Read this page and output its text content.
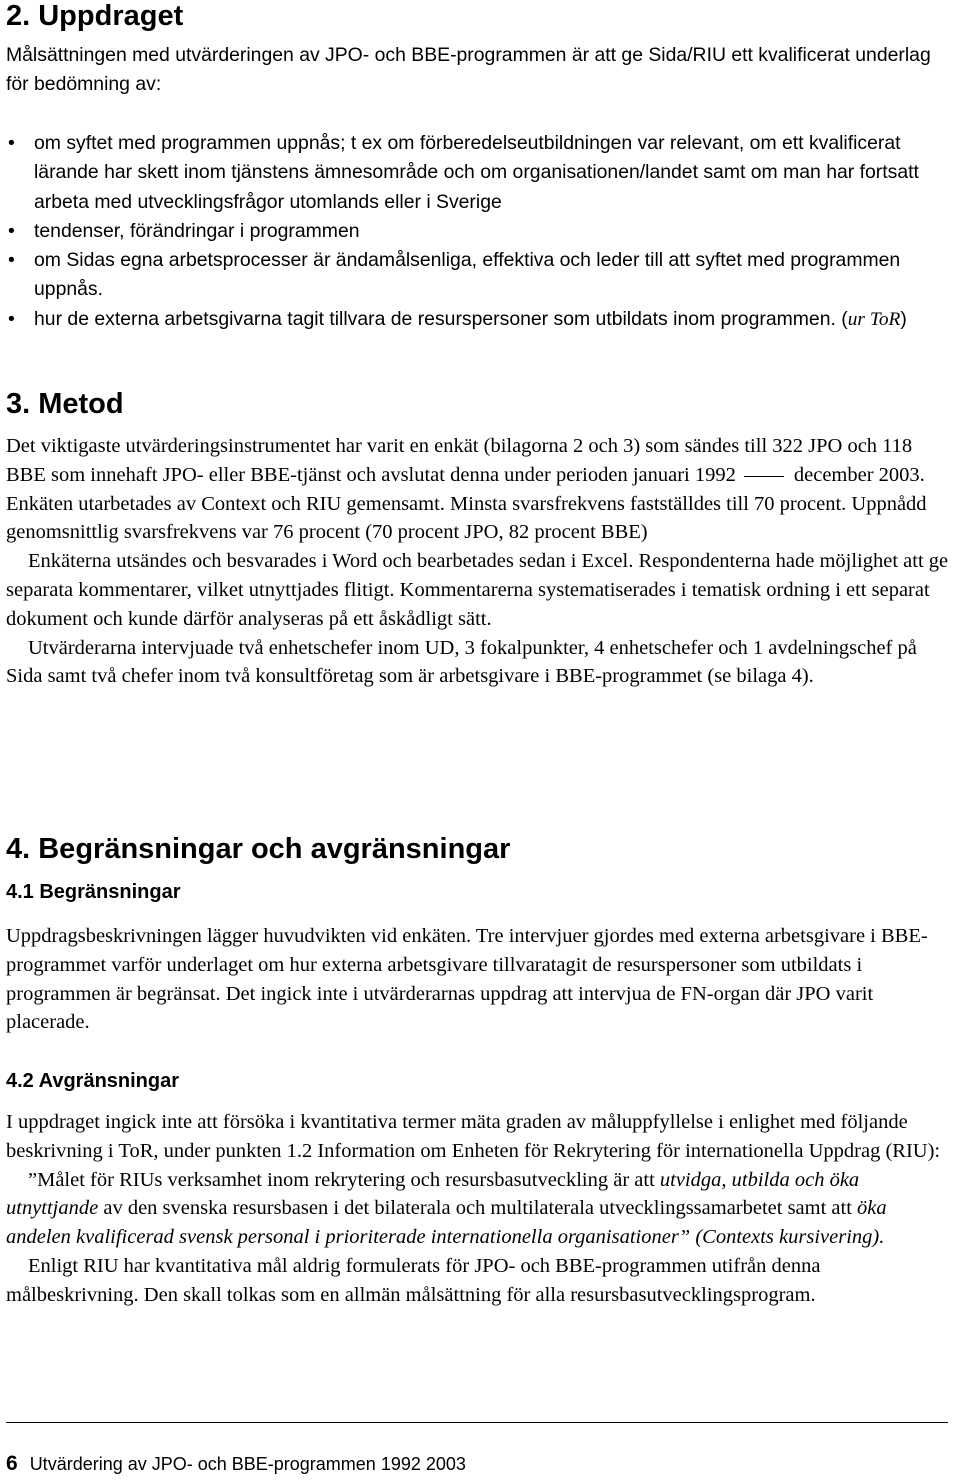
2. Uppdraget

Målsättningen med utvärderingen av JPO- och BBE-programmen är att ge Sida/RIU ett kvalificerat underlag för bedömning av:

• om syftet med programmen uppnås; t ex om förberedelseutbildningen var relevant, om ett kvalificerat lärande har skett inom tjänstens ämnesområde och om organisationen/landet samt om man har fortsatt arbeta med utvecklingsfrågor utomlands eller i Sverige
• tendenser, förändringar i programmen
• om Sidas egna arbetsprocesser är ändamålsenliga, effektiva och leder till att syftet med programmen uppnås.
• hur de externa arbetsgivarna tagit tillvara de resurspersoner som utbildats inom programmen. (ur ToR)
3. Metod

Det viktigaste utvärderingsinstrumentet har varit en enkät (bilagorna 2 och 3) som sändes till 322 JPO och 118 BBE som innehaft JPO- eller BBE-tjänst och avslutat denna under perioden januari 1992	december 2003. Enkäten utarbetades av Context och RIU gemensamt. Minsta svarsfrekvens fastställdes till 70 procent. Uppnådd genomsnittlig svarsfrekvens var 76 procent (70 procent JPO, 82 procent BBE)

Enkäterna utsändes och besvarades i Word och bearbetades sedan i Excel. Respondenterna hade möjlighet att ge separata kommentarer, vilket utnyttjades flitigt. Kommentarerna systematiserades i tematisk ordning i ett separat dokument och kunde därför analyseras på ett åskådligt sätt.

Utvärderarna intervjuade två enhetschefer inom UD, 3 fokalpunkter, 4 enhetschefer och 1 avdelningschef på Sida samt två chefer inom två konsultföretag som är arbetsgivare i BBE-programmet (se bilaga 4).

4. Begränsningar och avgränsningar
4.1 Begränsningar

Uppdragsbeskrivningen lägger huvudvikten vid enkäten. Tre intervjuer gjordes med externa arbetsgivare i BBE-programmet varför underlaget om hur externa arbetsgivare tillvaratagit de resurspersoner som utbildats i programmen är begränsat. Det ingick inte i utvärderarnas uppdrag att intervjua de FN-organ där JPO varit placerade.

4.2 Avgränsningar

I uppdraget ingick inte att försöka i kvantitativa termer mäta graden av måluppfyllelse i enlighet med följande beskrivning i ToR, under punkten 1.2 Information om Enheten för Rekrytering för internationella Uppdrag (RIU):

”Målet för RIUs verksamhet inom rekrytering och resursbasutveckling är att utvidga, utbilda och öka utnyttjande av den svenska resursbasen i det bilaterala och multilaterala utvecklingssamarbetet samt att öka andelen kvalificerad svensk personal i prioriterade internationella organisationer” (Contexts kursivering).

Enligt RIU har kvantitativa mål aldrig formulerats för JPO- och BBE-programmen utifrån denna målbeskrivning. Den skall tolkas som en allmän målsättning för alla resursbasutvecklingsprogram.

6 Utvärdering av JPO- och BBE-programmen 1992 2003
